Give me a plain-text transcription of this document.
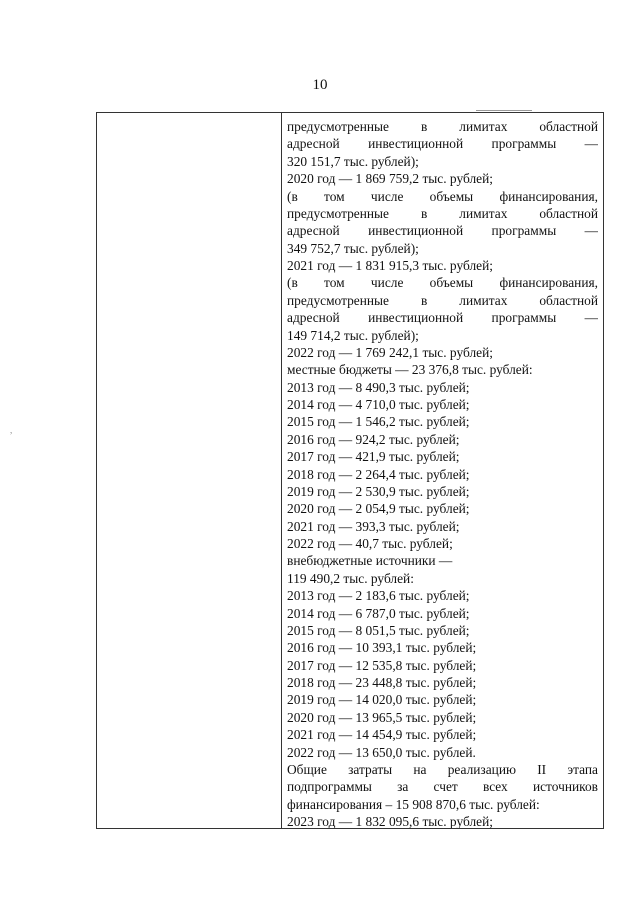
10
,
предусмотренные в лимитах областной
адресной инвестиционной программы —
320 151,7 тыс. рублей);
2020 год — 1 869 759,2 тыс. рублей;
(в том числе объемы финансирования,
предусмотренные в лимитах областной
адресной инвестиционной программы —
349 752,7 тыс. рублей);
2021 год — 1 831 915,3 тыс. рублей;
(в том числе объемы финансирования,
предусмотренные в лимитах областной
адресной инвестиционной программы —
149 714,2 тыс. рублей);
2022 год — 1 769 242,1 тыс. рублей;
местные бюджеты — 23 376,8 тыс. рублей:
2013 год — 8 490,3 тыс. рублей;
2014 год — 4 710,0 тыс. рублей;
2015 год — 1 546,2 тыс. рублей;
2016 год — 924,2 тыс. рублей;
2017 год — 421,9 тыс. рублей;
2018 год — 2 264,4 тыс. рублей;
2019 год — 2 530,9 тыс. рублей;
2020 год — 2 054,9 тыс. рублей;
2021 год — 393,3 тыс. рублей;
2022 год — 40,7 тыс. рублей;
внебюджетные источники —
119 490,2 тыс. рублей:
2013 год — 2 183,6 тыс. рублей;
2014 год — 6 787,0 тыс. рублей;
2015 год — 8 051,5 тыс. рублей;
2016 год — 10 393,1 тыс. рублей;
2017 год — 12 535,8 тыс. рублей;
2018 год — 23 448,8 тыс. рублей;
2019 год — 14 020,0 тыс. рублей;
2020 год — 13 965,5 тыс. рублей;
2021 год — 14 454,9 тыс. рублей;
2022 год — 13 650,0 тыс. рублей.
Общие затраты на реализацию II этапа
подпрограммы за счет всех источников
финансирования – 15 908 870,6 тыс. рублей:
2023 год — 1 832 095,6 тыс. рублей;
